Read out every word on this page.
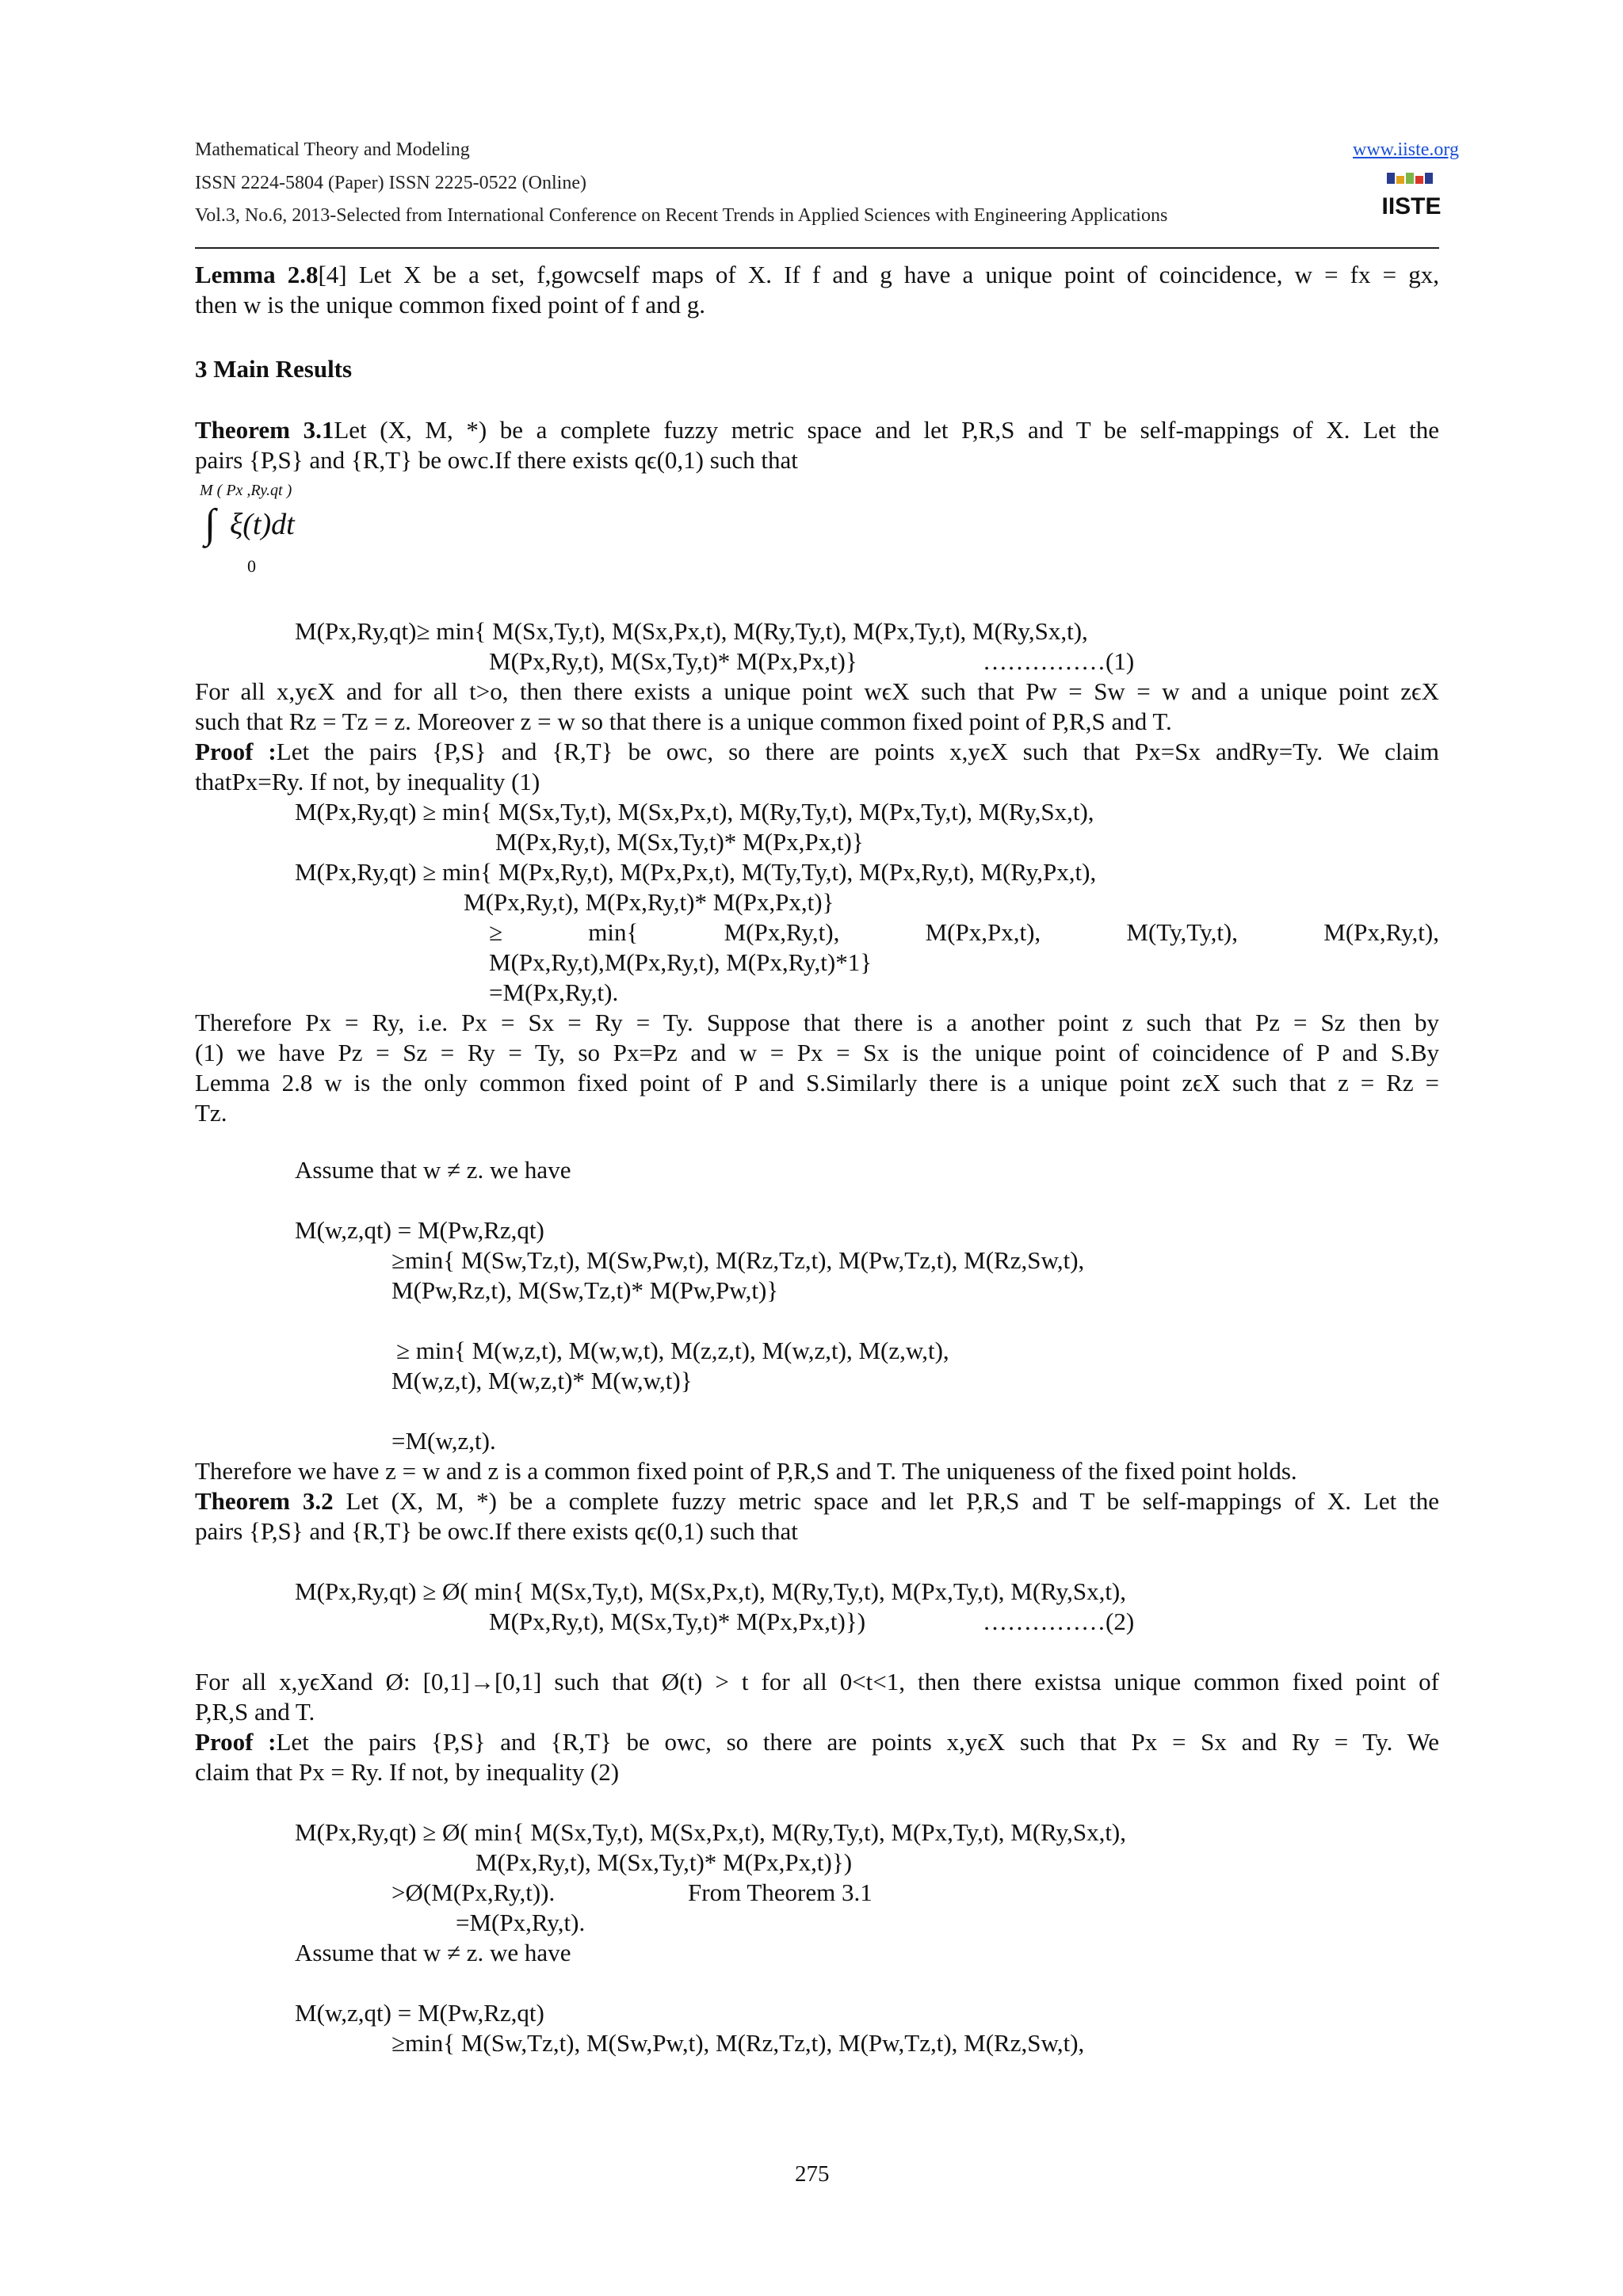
Mathematical Theory and Modeling	www.iiste.org
ISSN 2224-5804 (Paper) ISSN 2225-0522 (Online)
Vol.3, No.6, 2013-Selected from International Conference on Recent Trends in Applied Sciences with Engineering Applications	IISTE
Lemma 2.8[4] Let X be a set, f,gowcself maps of X. If f and g have a unique point of coincidence, w = fx = gx,
then w is the unique common fixed point of f and g.
3 Main Results
Theorem 3.1Let (X, M, *) be a complete fuzzy metric space and let P,R,S and T be self-mappings of X. Let the
pairs {P,S} and {R,T} be owc.If there exists qϵ(0,1) such that
M ( Px ,Ry.qt )
∫ ξ(t)dt
0
M(Px,Ry,qt)≥ min{ M(Sx,Ty,t), M(Sx,Px,t), M(Ry,Ty,t), M(Px,Ty,t), M(Ry,Sx,t),
M(Px,Ry,t), M(Sx,Ty,t)* M(Px,Px,t)}	……………(1)
For all x,yϵX and for all t>o, then there exists a unique point wϵX such that Pw = Sw = w and a unique point zϵX
such that Rz = Tz = z. Moreover z = w so that there is a unique common fixed point of P,R,S and T.
Proof :Let the pairs {P,S} and {R,T} be owc, so there are points x,yϵX such that Px=Sx andRy=Ty. We claim
thatPx=Ry. If not, by inequality (1)
M(Px,Ry,qt) ≥ min{ M(Sx,Ty,t), M(Sx,Px,t), M(Ry,Ty,t), M(Px,Ty,t), M(Ry,Sx,t),
M(Px,Ry,t), M(Sx,Ty,t)* M(Px,Px,t)}
M(Px,Ry,qt) ≥ min{ M(Px,Ry,t), M(Px,Px,t), M(Ty,Ty,t), M(Px,Ry,t), M(Ry,Px,t),
M(Px,Ry,t), M(Px,Ry,t)* M(Px,Px,t)}
≥ min{ M(Px,Ry,t), M(Px,Px,t), M(Ty,Ty,t), M(Px,Ry,t),
M(Px,Ry,t),M(Px,Ry,t), M(Px,Ry,t)*1}
=M(Px,Ry,t).
Therefore Px = Ry, i.e. Px = Sx = Ry = Ty. Suppose that there is a another point z such that Pz = Sz then by
(1) we have Pz = Sz = Ry = Ty, so Px=Pz and w = Px = Sx is the unique point of coincidence of P and S.By
Lemma 2.8 w is the only common fixed point of P and S.Similarly there is a unique point zϵX such that z = Rz =
Tz.
Assume that w ≠ z. we have
M(w,z,qt) = M(Pw,Rz,qt)
≥min{ M(Sw,Tz,t), M(Sw,Pw,t), M(Rz,Tz,t), M(Pw,Tz,t), M(Rz,Sw,t),
M(Pw,Rz,t), M(Sw,Tz,t)* M(Pw,Pw,t)}
≥ min{ M(w,z,t), M(w,w,t), M(z,z,t), M(w,z,t), M(z,w,t),
M(w,z,t), M(w,z,t)* M(w,w,t)}
=M(w,z,t).
Therefore we have z = w and z is a common fixed point of P,R,S and T. The uniqueness of the fixed point holds.
Theorem 3.2 Let (X, M, *) be a complete fuzzy metric space and let P,R,S and T be self-mappings of X. Let the
pairs {P,S} and {R,T} be owc.If there exists qϵ(0,1) such that
M(Px,Ry,qt) ≥ Ø( min{ M(Sx,Ty,t), M(Sx,Px,t), M(Ry,Ty,t), M(Px,Ty,t), M(Ry,Sx,t),
M(Px,Ry,t), M(Sx,Ty,t)* M(Px,Px,t)})	……………(2)
For all x,yϵXand Ø: [0,1]→[0,1] such that Ø(t) > t for all 0<t<1, then there existsa unique common fixed point of
P,R,S and T.
Proof :Let the pairs {P,S} and {R,T} be owc, so there are points x,yϵX such that Px = Sx and Ry = Ty. We
claim that Px = Ry. If not, by inequality (2)
M(Px,Ry,qt) ≥ Ø( min{ M(Sx,Ty,t), M(Sx,Px,t), M(Ry,Ty,t), M(Px,Ty,t), M(Ry,Sx,t),
M(Px,Ry,t), M(Sx,Ty,t)* M(Px,Px,t)})
>Ø(M(Px,Ry,t)).	From Theorem 3.1
=M(Px,Ry,t).
Assume that w ≠ z. we have
M(w,z,qt) = M(Pw,Rz,qt)
≥min{ M(Sw,Tz,t), M(Sw,Pw,t), M(Rz,Tz,t), M(Pw,Tz,t), M(Rz,Sw,t),
275
